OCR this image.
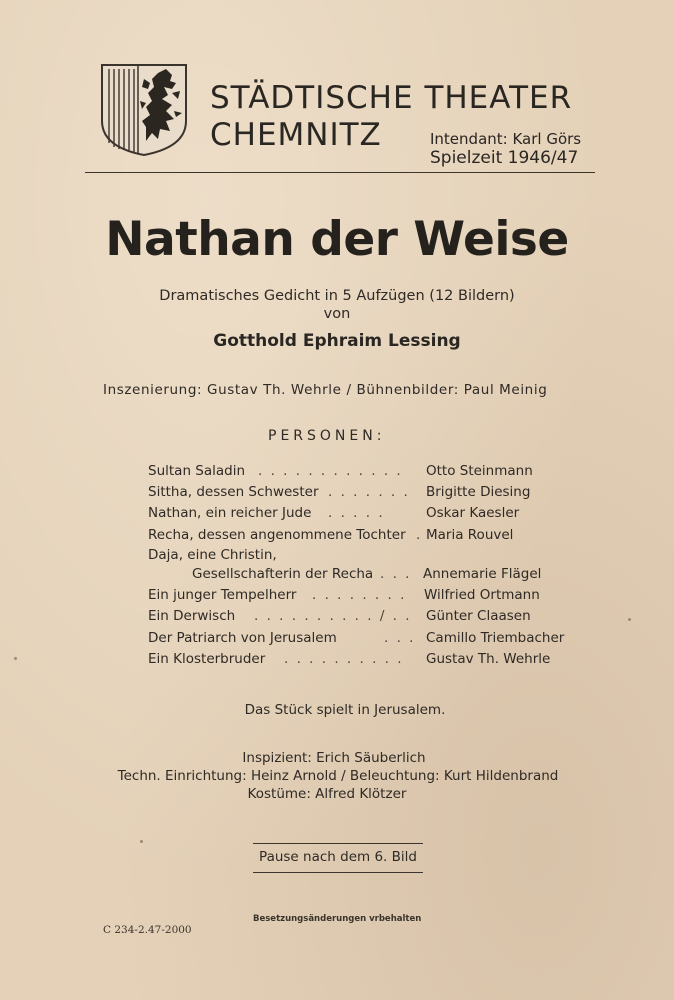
STÄDTISCHE THEATER
CHEMNITZ	Intendant: Karl Görs
Spielzeit 1946/47
Nathan der Weise
Dramatisches Gedicht in 5 Aufzügen (12 Bildern)
von
Gotthold Ephraim Lessing
Inszenierung: Gustav Th. Wehrle / Bühnenbilder: Paul Meinig
PERSONEN:
Sultan Saladin . . . . . . . . . . . . Otto Steinmann
Sittha, dessen Schwester . . . . . . . Brigitte Diesing
Nathan, ein reicher Jude . . . . .	Oskar Kaesler
Recha, dessen angenommene Tochter . Maria Rouvel
Daja, eine Christin,
Gesellschafterin der Recha . . . Annemarie Flägel
Ein junger Tempelherr . . . . . . . . Wilfried Ortmann
Ein Derwisch . . . . . . . . . . / . . Günter Claasen
Der Patriarch von Jerusalem	. . . Camillo Triembacher
Ein Klosterbruder . . . . . . . . . . Gustav Th. Wehrle
Das Stück spielt in Jerusalem.
Inspizient: Erich Säuberlich
Techn. Einrichtung: Heinz Arnold / Beleuchtung: Kurt Hildenbrand
Kostüme: Alfred Klötzer
Pause nach dem 6. Bild
C 234-2.47-2000
Besetzungsänderungen vrbehalten
